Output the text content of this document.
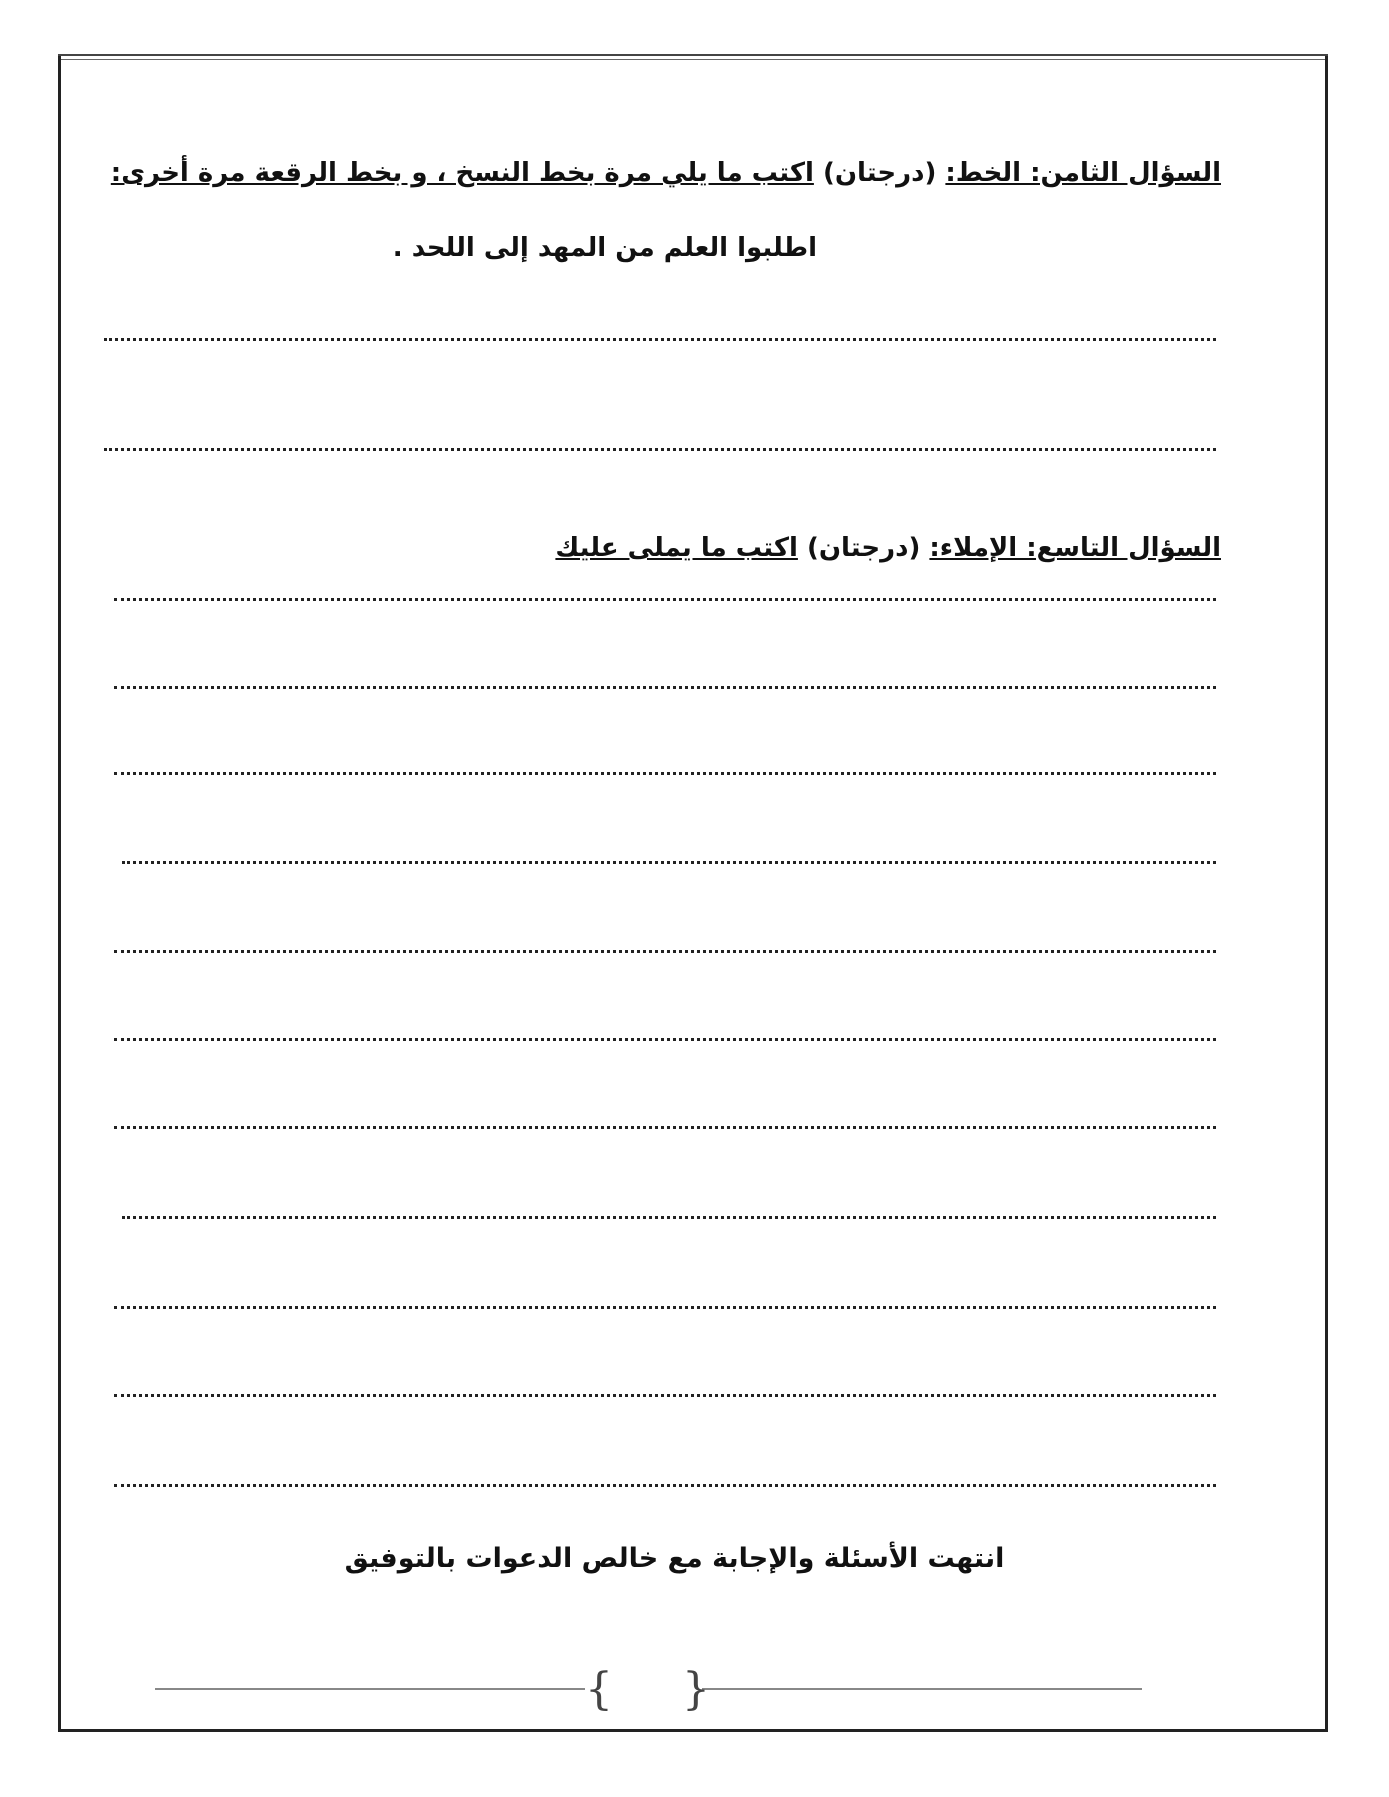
السؤال الثامن: الخط: (درجتان) اكتب ما يلي مرة بخط النسخ ، و بخط الرقعة مرة أخرى:
اطلبوا العلم من المهد إلى اللحد .
السؤال التاسع: الإملاء: (درجتان) اكتب ما يملى عليك
انتهت الأسئلة والإجابة مع خالص الدعوات بالتوفيق
{ }
